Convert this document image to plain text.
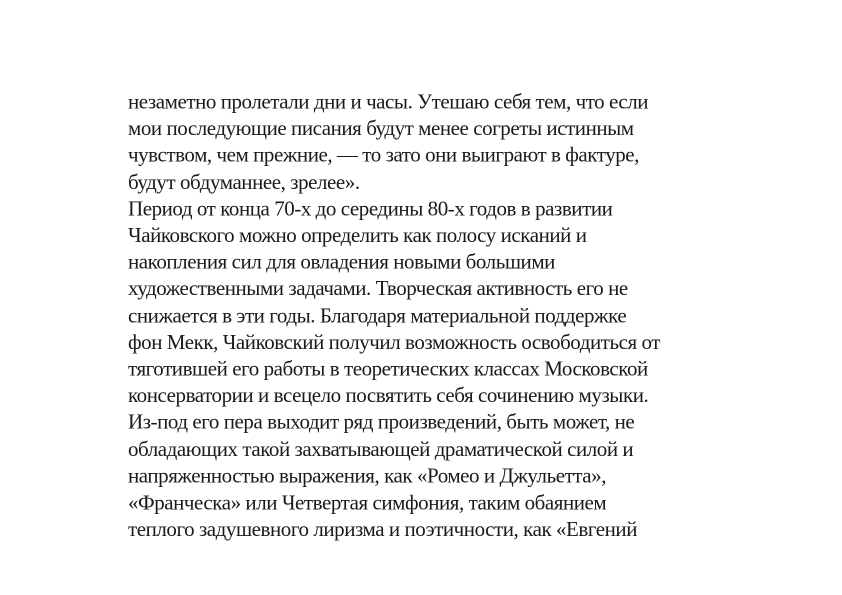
незаметно пролетали дни и часы. Утешаю себя тем, что если
мои последующие писания будут менее согреты истинным
чувством, чем прежние, — то зато они выиграют в фактуре,
будут обдуманнее, зрелее».
Период от конца 70-х до середины 80-х годов в развитии
Чайковского можно определить как полосу исканий и
накопления сил для овладения новыми большими
художественными задачами. Творческая активность его не
снижается в эти годы. Благодаря материальной поддержке
фон Мекк, Чайковский получил возможность освободиться от
тяготившей его работы в теоретических классах Московской
консерватории и всецело посвятить себя сочинению музыки.
Из-под его пера выходит ряд произведений, быть может, не
обладающих такой захватывающей драматической силой и
напряженностью выражения, как «Ромео и Джульетта»,
«Франческа» или Четвертая симфония, таким обаянием
теплого задушевного лиризма и поэтичности, как «Евгений
